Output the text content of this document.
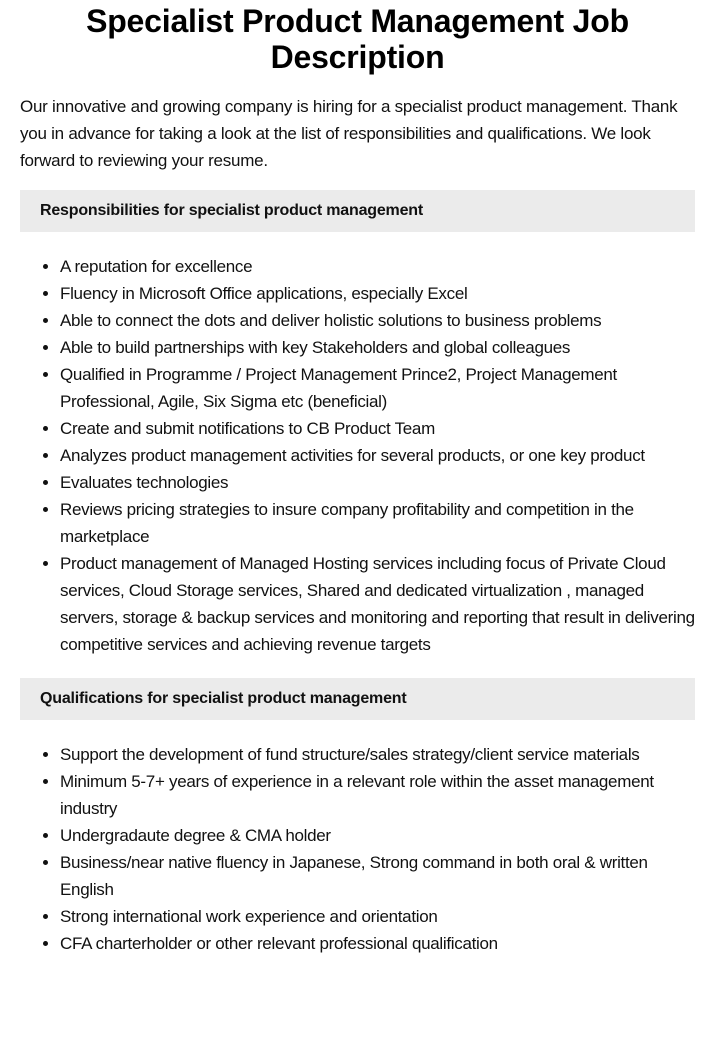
Specialist Product Management Job Description

Our innovative and growing company is hiring for a specialist product management. Thank you in advance for taking a look at the list of responsibilities and qualifications. We look forward to reviewing your resume.

Responsibilities for specialist product management
• A reputation for excellence
• Fluency in Microsoft Office applications, especially Excel
• Able to connect the dots and deliver holistic solutions to business problems
• Able to build partnerships with key Stakeholders and global colleagues
• Qualified in Programme / Project Management Prince2, Project Management Professional, Agile, Six Sigma etc (beneficial)
• Create and submit notifications to CB Product Team
• Analyzes product management activities for several products, or one key product
• Evaluates technologies
• Reviews pricing strategies to insure company profitability and competition in the marketplace
• Product management of Managed Hosting services including focus of Private Cloud services, Cloud Storage services, Shared and dedicated virtualization , managed servers, storage & backup services and monitoring and reporting that result in delivering competitive services and achieving revenue targets
Qualifications for specialist product management
• Support the development of fund structure/sales strategy/client service materials
• Minimum 5-7+ years of experience in a relevant role within the asset management industry
• Undergradaute degree & CMA holder
• Business/near native fluency in Japanese, Strong command in both oral & written English
• Strong international work experience and orientation
• CFA charterholder or other relevant professional qualification
